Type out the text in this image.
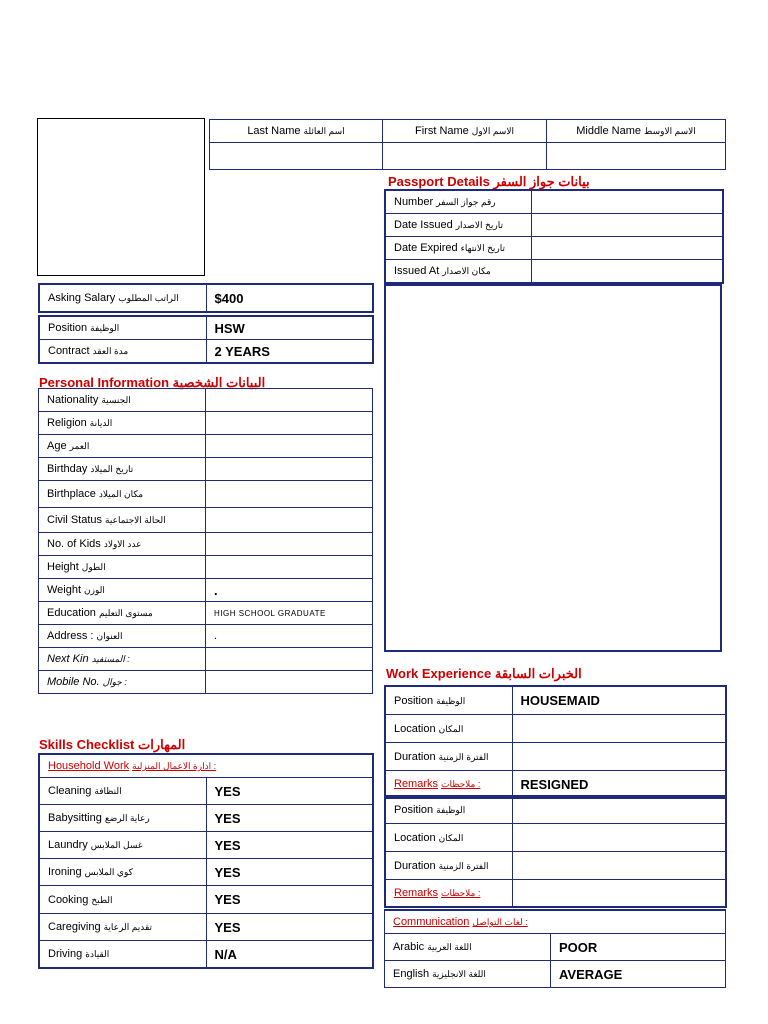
Last Name اسم العائلة	First Name الاسم الاول	Middle Name الاسم الاوسط

Passport Details بيانات جواز السفر
Number رقم جواز السفر	
Date Issued تاريخ الاصدار	
Date Expired تاريخ الانتهاء	
Issued At مكان الاصدار	
Asking Salary الراتب المطلوب	$400
Position الوظيفة	HSW
Contract مدة العقد	2 YEARS
Personal Information البيانات الشخصية
Nationality الجنسية	
Religion الديانة	
Age العمر	
Birthday تاريخ الميلاد	
Birthplace مكان الميلاد	
Civil Status الحالة الاجتماعية	
No. of Kids عدد الاولاد	
Height الطول	
Weight الوزن	.
Education مستوى التعليم	HIGH SCHOOL GRADUATE
Address : العنوان	.
Next Kin المستفيد :	
Mobile No. جوال :	
Work Experience الخبرات السابقة
Position الوظيفة	HOUSEMAID
Location المكان	
Duration الفترة الزمنية	
Remarks ملاحظات :	RESIGNED
Position الوظيفة	
Location المكان	
Duration الفترة الزمنية	
Remarks ملاحظات :	
Skills Checklist المهارات
Household Work ادارة الاعمال المنزلية :	
Cleaning النظافة	YES
Babysitting رعاية الرضع	YES
Laundry غسل الملابس	YES
Ironing كوي الملابس	YES
Cooking الطبخ	YES
Caregiving تقديم الرعاية	YES
Driving القيادة	N/A
Communication لغات التواصل :	
Arabic اللغة العربية	POOR
English اللغة الانجليزية	AVERAGE
